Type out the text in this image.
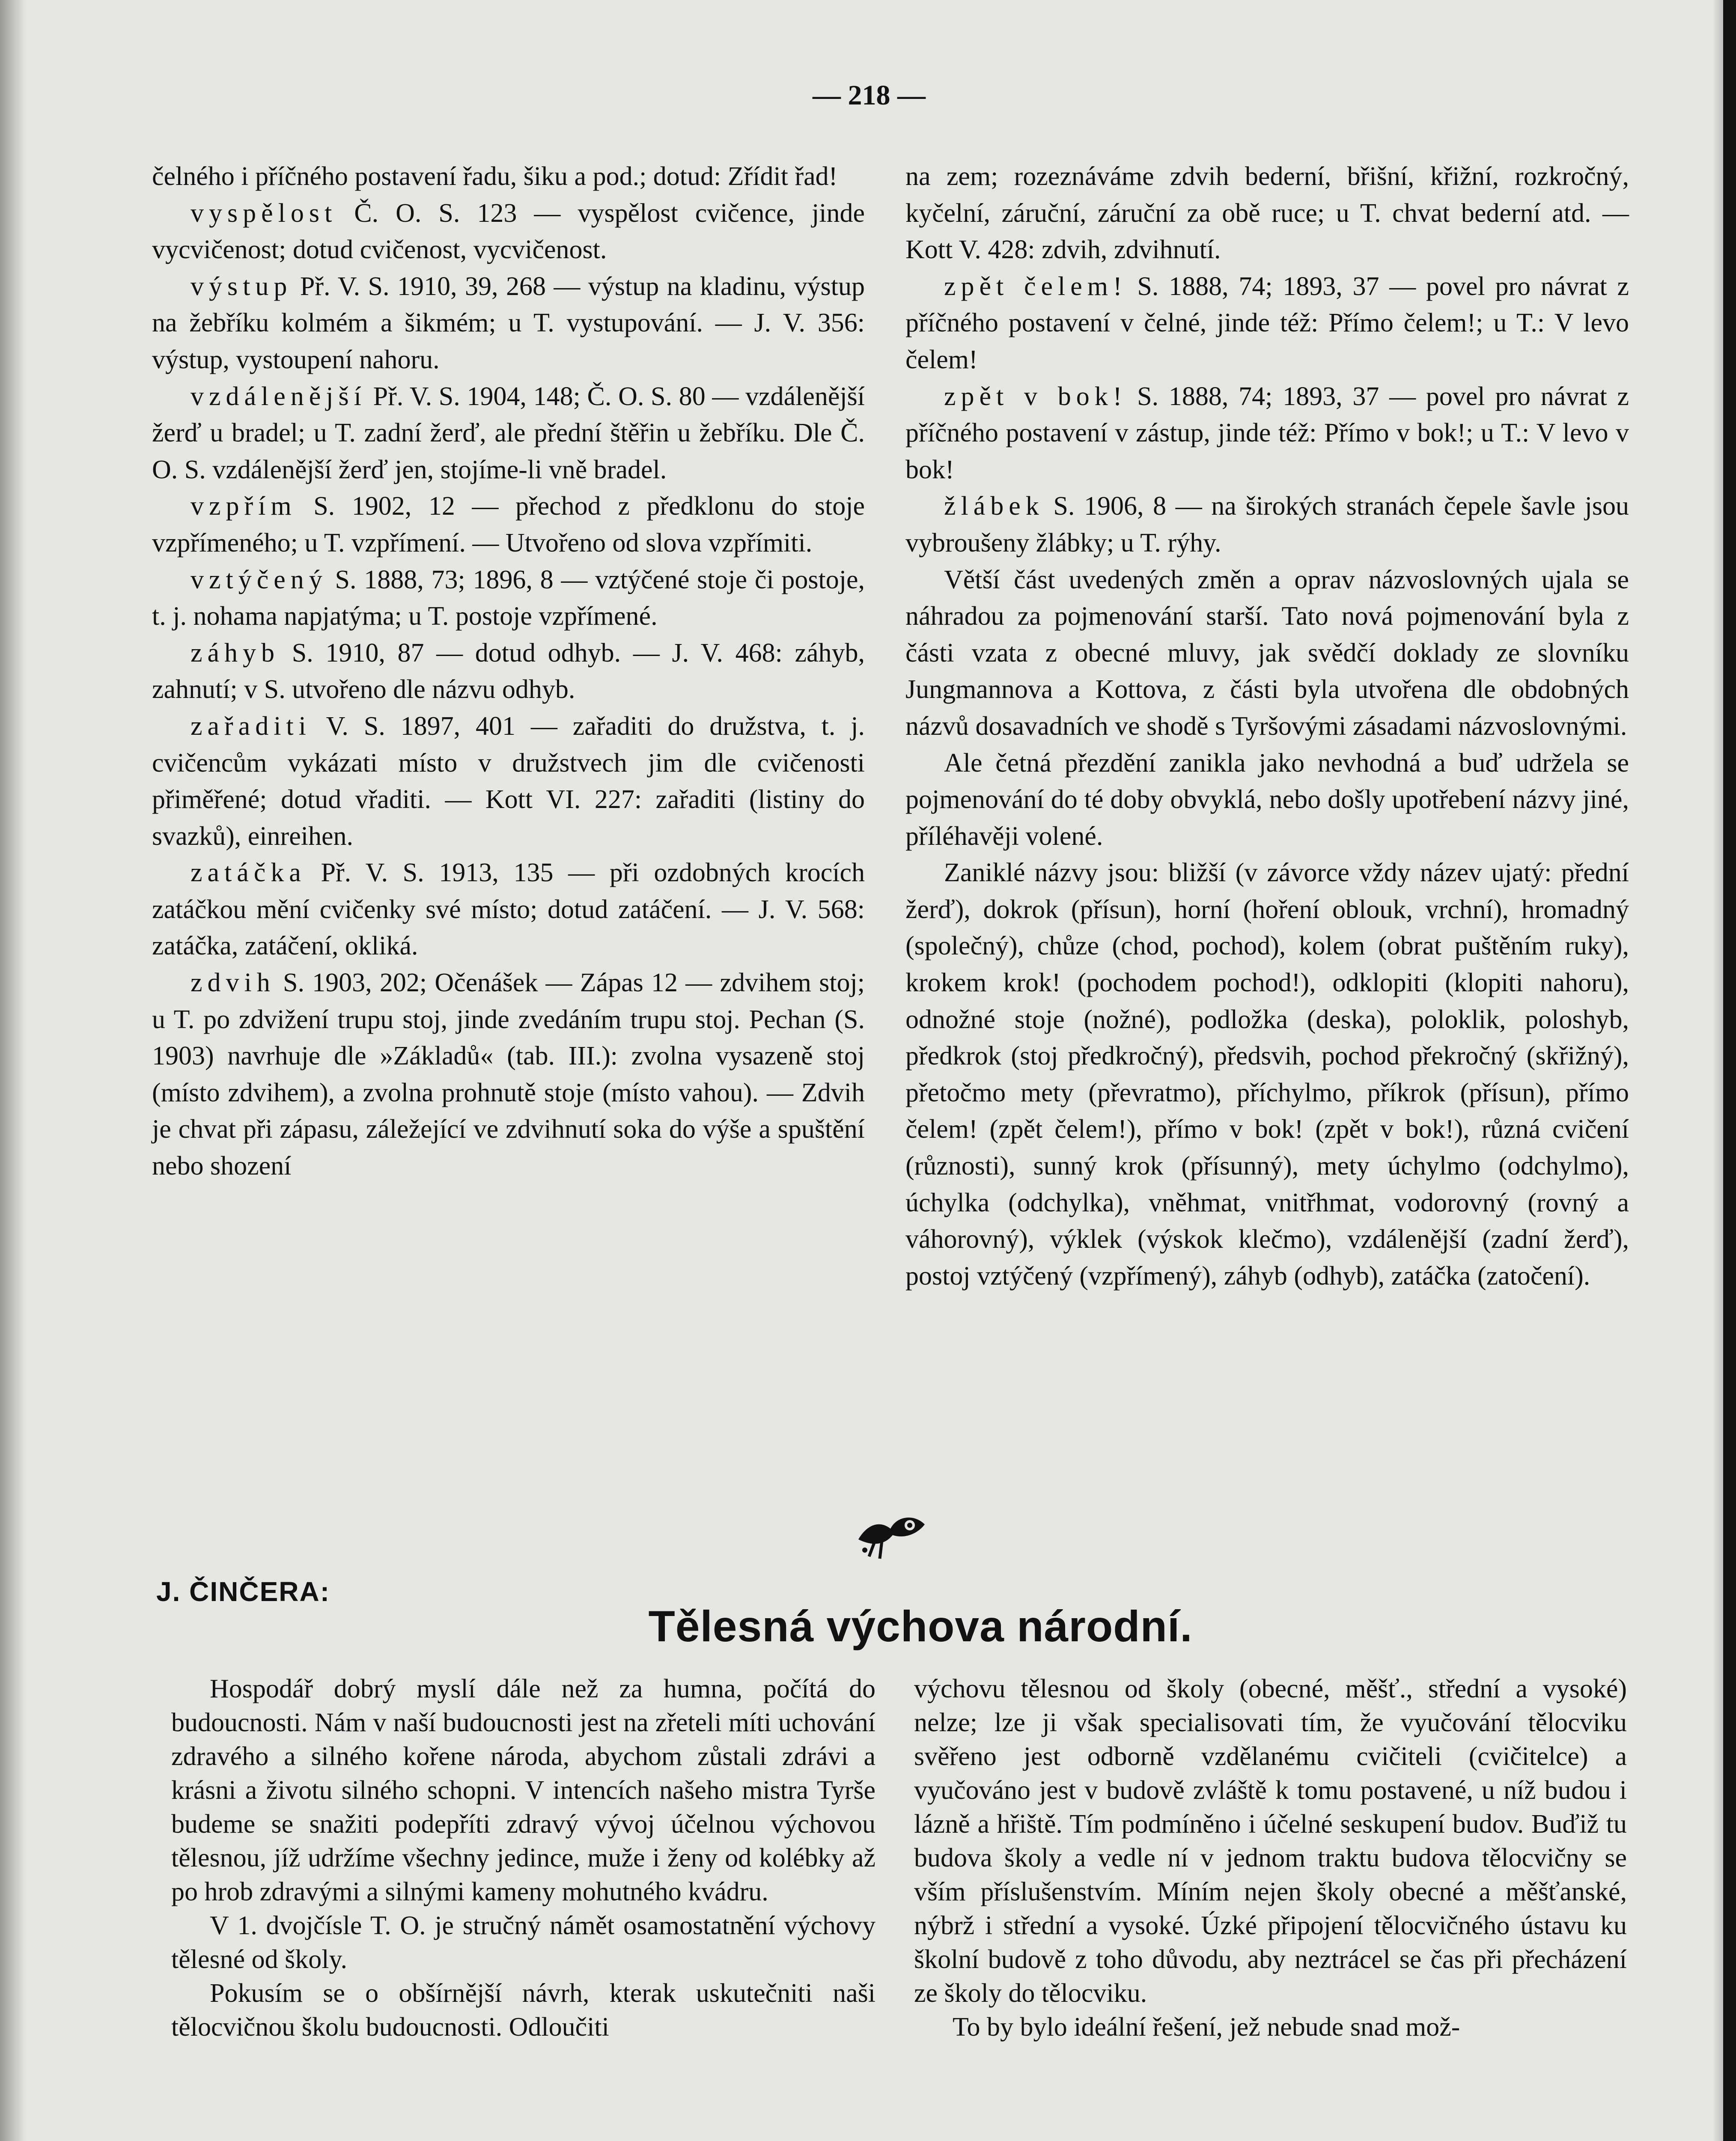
— 218 —

čelného i příčného postavení řadu, šiku a pod.; dotud: Zřídit řad!

vyspělost Č. O. S. 123 — vyspělost cvičence, jinde vycvičenost; dotud cvičenost, vycvičenost.

výstup Př. V. S. 1910, 39, 268 — výstup na kladinu, výstup na žebříku kolmém a šikmém; u T. vystupování. — J. V. 356: výstup, vystoupení nahoru.

vzdálenější Př. V. S. 1904, 148; Č. O. S. 80 — vzdálenější žerď u bradel; u T. zadní žerď, ale přední štěřin u žebříku. Dle Č. O. S. vzdálenější žerď jen, stojíme-li vně bradel.

vzpřím S. 1902, 12 — přechod z předklonu do stoje vzpřímeného; u T. vzpřímení. — Utvořeno od slova vzpřímiti.

vztýčený S. 1888, 73; 1896, 8 — vztýčené stoje či postoje, t. j. nohama napjatýma; u T. postoje vzpřímené.

záhyb S. 1910, 87 — dotud odhyb. — J. V. 468: záhyb, zahnutí; v S. utvořeno dle názvu odhyb.

zařaditi V. S. 1897, 401 — zařaditi do družstva, t. j. cvičencům vykázati místo v družstvech jim dle cvičenosti přiměřené; dotud vřaditi. — Kott VI. 227: zařaditi (listiny do svazků), einreihen.

zatáčka Př. V. S. 1913, 135 — při ozdobných krocích zatáčkou mění cvičenky své místo; dotud zatáčení. — J. V. 568: zatáčka, zatáčení, okliká.

zdvih S. 1903, 202; Očenášek — Zápas 12 — zdvihem stoj; u T. po zdvižení trupu stoj, jinde zvedáním trupu stoj. Pechan (S. 1903) navrhuje dle »Základů« (tab. III.): zvolna vysazeně stoj (místo zdvihem), a zvolna prohnutě stoje (místo vahou). — Zdvih je chvat při zápasu, záležející ve zdvihnutí soka do výše a spuštění nebo shození

na zem; rozeznáváme zdvih bederní, břišní, křižní, rozkročný, kyčelní, záruční, záruční za obě ruce; u T. chvat bederní atd. — Kott V. 428: zdvih, zdvihnutí.

zpět čelem! S. 1888, 74; 1893, 37 — povel pro návrat z příčného postavení v čelné, jinde též: Přímo čelem!; u T.: V levo čelem!

zpět v bok! S. 1888, 74; 1893, 37 — povel pro návrat z příčného postavení v zástup, jinde též: Přímo v bok!; u T.: V levo v bok!

žlábek S. 1906, 8 — na širokých stranách čepele šavle jsou vybroušeny žlábky; u T. rýhy.

Větší část uvedených změn a oprav názvoslovných ujala se náhradou za pojmenování starší. Tato nová pojmenování byla z části vzata z obecné mluvy, jak svědčí doklady ze slovníku Jungmannova a Kottova, z části byla utvořena dle obdobných názvů dosavadních ve shodě s Tyršovými zásadami názvoslovnými.

Ale četná přezdění zanikla jako nevhodná a buď udržela se pojmenování do té doby obvyklá, nebo došly upotřebení názvy jiné, příléhavěji volené.

Zaniklé názvy jsou: bližší (v závorce vždy název ujatý: přední žerď), dokrok (přísun), horní (hoření oblouk, vrchní), hromadný (společný), chůze (chod, pochod), kolem (obrat puštěním ruky), krokem krok! (pochodem pochod!), odklopiti (klopiti nahoru), odnožné stoje (nožné), podložka (deska), poloklik, poloshyb, předkrok (stoj předkročný), předsvih, pochod překročný (skřižný), přetočmo mety (převratmo), příchylmo, příkrok (přísun), přímo čelem! (zpět čelem!), přímo v bok! (zpět v bok!), různá cvičení (různosti), sunný krok (přísunný), mety úchylmo (odchylmo), úchylka (odchylka), vněhmat, vnitřhmat, vodorovný (rovný a váhorovný), výklek (výskok klečmo), vzdálenější (zadní žerď), postoj vztýčený (vzpřímený), záhyb (odhyb), zatáčka (zatočení).

J. ČINČERA:
Tělesná výchova národní.

Hospodář dobrý myslí dále než za humna, počítá do budoucnosti. Nám v naší budoucnosti jest na zřeteli míti uchování zdravého a silného kořene národa, abychom zůstali zdrávi a krásni a životu silného schopni. V intencích našeho mistra Tyrše budeme se snažiti podepříti zdravý vývoj účelnou výchovou tělesnou, jíž udržíme všechny jedince, muže i ženy od kolébky až po hrob zdravými a silnými kameny mohutného kvádru.

V 1. dvojčísle T. O. je stručný námět osamostatnění výchovy tělesné od školy.

Pokusím se o obšírnější návrh, kterak uskutečniti naši tělocvičnou školu budoucnosti. Odloučiti

výchovu tělesnou od školy (obecné, měšť., střední a vysoké) nelze; lze ji však specialisovati tím, že vyučování tělocviku svěřeno jest odborně vzdělanému cvičiteli (cvičitelce) a vyučováno jest v budově zvláště k tomu postavené, u níž budou i lázně a hřiště. Tím podmíněno i účelné seskupení budov. Buďiž tu budova školy a vedle ní v jednom traktu budova tělocvičny se vším příslušenstvím. Míním nejen školy obecné a měšťanské, nýbrž i střední a vysoké. Úzké připojení tělocvičného ústavu ku školní budově z toho důvodu, aby neztrácel se čas při přecházení ze školy do tělocviku.

To by bylo ideální řešení, jež nebude snad mož-
